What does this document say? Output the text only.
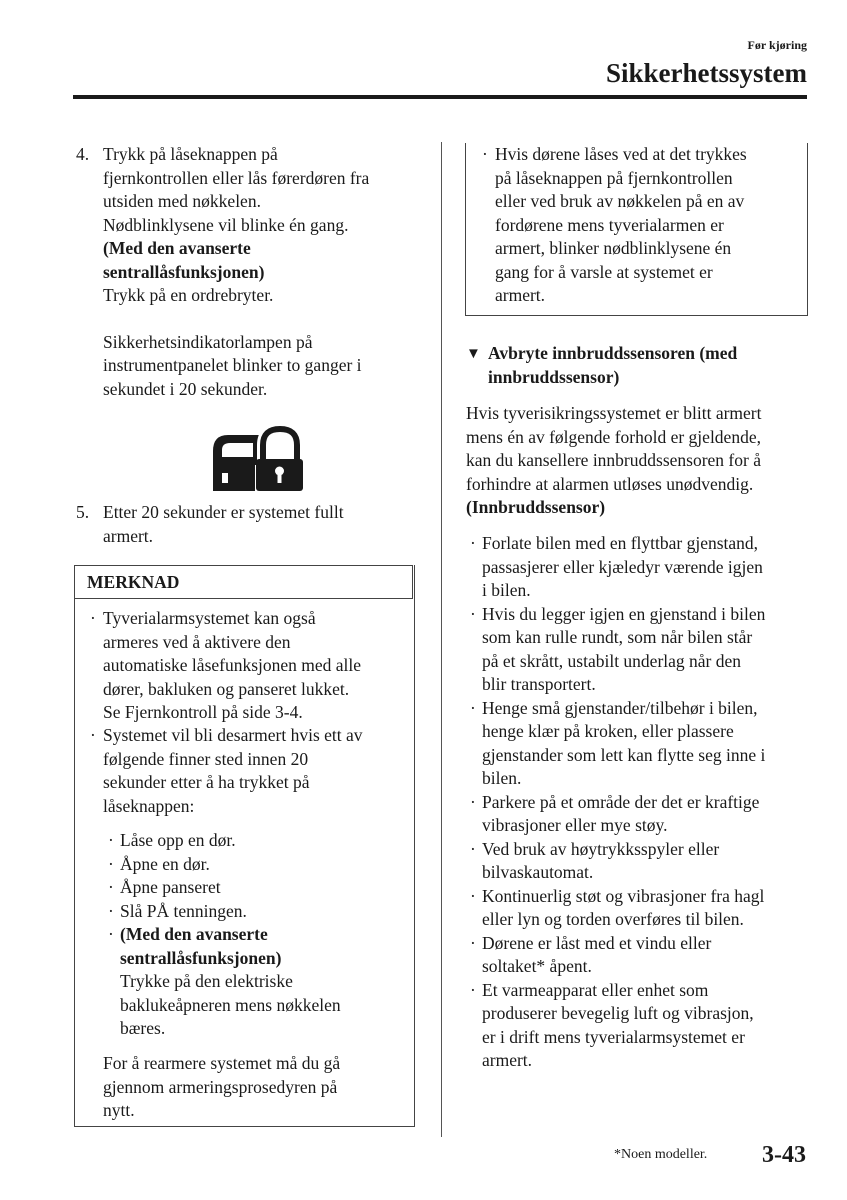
Før kjøring
Sikkerhetssystem
4. Trykk på låseknappen på
fjernkontrollen eller lås førerdøren fra
utsiden med nøkkelen.
Nødblinklysene vil blinke én gang.
(Med den avanserte
sentrallåsfunksjonen)
Trykk på en ordrebryter.
Sikkerhetsindikatorlampen på
instrumentpanelet blinker to ganger i
sekundet i 20 sekunder.
5. Etter 20 sekunder er systemet fullt
armert.
MERKNAD
· Tyverialarmsystemet kan også
armeres ved å aktivere den
automatiske låsefunksjonen med alle
dører, bakluken og panseret lukket.
Se Fjernkontroll på side 3-4.
· Systemet vil bli desarmert hvis ett av
følgende finner sted innen 20
sekunder etter å ha trykket på
låseknappen:
· Låse opp en dør.
· Åpne en dør.
· Åpne panseret
· Slå PÅ tenningen.
· (Med den avanserte
sentrallåsfunksjonen)
Trykke på den elektriske
baklukeåpneren mens nøkkelen
bæres.
For å rearmere systemet må du gå
gjennom armeringsprosedyren på
nytt.
· Hvis dørene låses ved at det trykkes
på låseknappen på fjernkontrollen
eller ved bruk av nøkkelen på en av
fordørene mens tyverialarmen er
armert, blinker nødblinklysene én
gang for å varsle at systemet er
armert.
▼ Avbryte innbruddssensoren (med
innbruddssensor)
Hvis tyverisikringssystemet er blitt armert
mens én av følgende forhold er gjeldende,
kan du kansellere innbruddssensoren for å
forhindre at alarmen utløses unødvendig.
(Innbruddssensor)
· Forlate bilen med en flyttbar gjenstand,
passasjerer eller kjæledyr værende igjen
i bilen.
· Hvis du legger igjen en gjenstand i bilen
som kan rulle rundt, som når bilen står
på et skrått, ustabilt underlag når den
blir transportert.
· Henge små gjenstander/tilbehør i bilen,
henge klær på kroken, eller plassere
gjenstander som lett kan flytte seg inne i
bilen.
· Parkere på et område der det er kraftige
vibrasjoner eller mye støy.
· Ved bruk av høytrykksspyler eller
bilvaskautomat.
· Kontinuerlig støt og vibrasjoner fra hagl
eller lyn og torden overføres til bilen.
· Dørene er låst med et vindu eller
soltaket* åpent.
· Et varmeapparat eller enhet som
produserer bevegelig luft og vibrasjon,
er i drift mens tyverialarmsystemet er
armert.
*Noen modeller. 3-43
